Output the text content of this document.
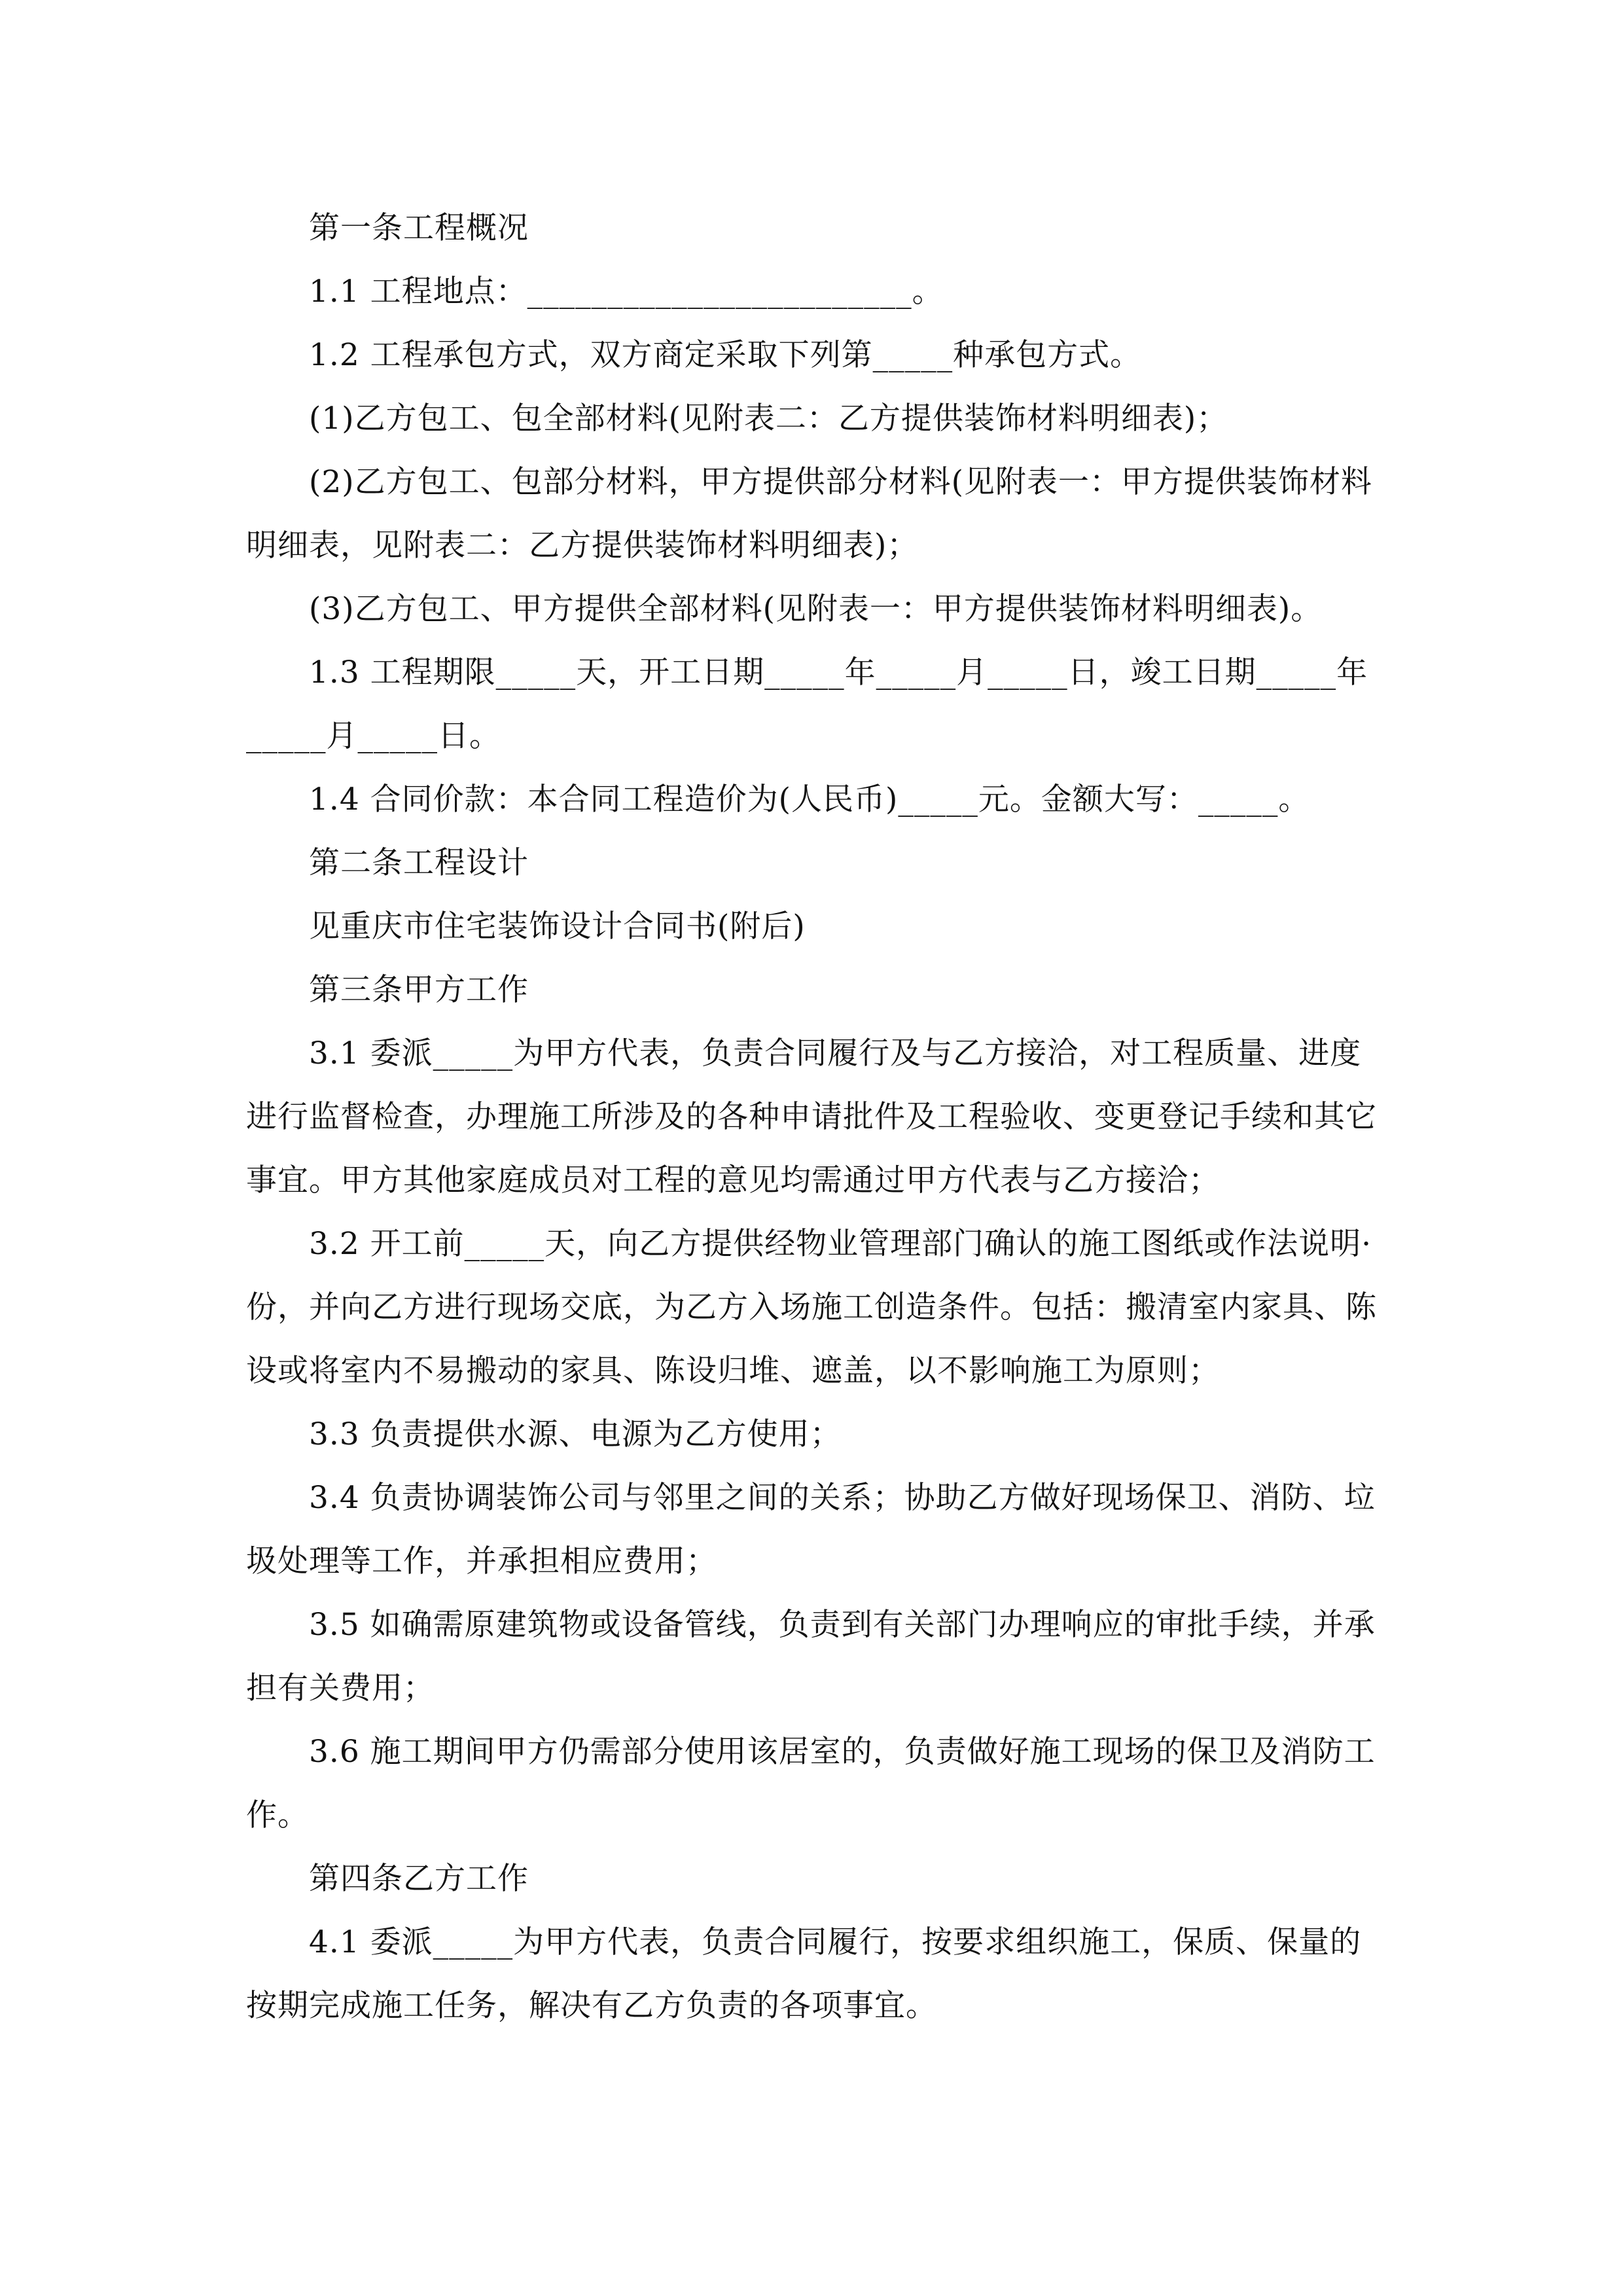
第一条工程概况

1.1 工程地点：________________________。

1.2 工程承包方式，双方商定采取下列第_____种承包方式。

(1)乙方包工、包全部材料(见附表二：乙方提供装饰材料明细表)；

(2)乙方包工、包部分材料，甲方提供部分材料(见附表一：甲方提供装饰材料明细表，见附表二：乙方提供装饰材料明细表)；

(3)乙方包工、甲方提供全部材料(见附表一：甲方提供装饰材料明细表)。

1.3 工程期限_____天，开工日期_____年_____月_____日，竣工日期_____年_____月_____日。

1.4 合同价款：本合同工程造价为(人民币)_____元。金额大写：_____。

第二条工程设计

见重庆市住宅装饰设计合同书(附后)

第三条甲方工作

3.1 委派_____为甲方代表，负责合同履行及与乙方接洽，对工程质量、进度进行监督检查，办理施工所涉及的各种申请批件及工程验收、变更登记手续和其它事宜。甲方其他家庭成员对工程的意见均需通过甲方代表与乙方接洽；

3.2 开工前_____天，向乙方提供经物业管理部门确认的施工图纸或作法说明·份，并向乙方进行现场交底，为乙方入场施工创造条件。包括：搬清室内家具、陈设或将室内不易搬动的家具、陈设归堆、遮盖，以不影响施工为原则；

3.3 负责提供水源、电源为乙方使用；

3.4 负责协调装饰公司与邻里之间的关系；协助乙方做好现场保卫、消防、垃圾处理等工作，并承担相应费用；

3.5 如确需原建筑物或设备管线，负责到有关部门办理响应的审批手续，并承担有关费用；

3.6 施工期间甲方仍需部分使用该居室的，负责做好施工现场的保卫及消防工作。

第四条乙方工作

4.1 委派_____为甲方代表，负责合同履行，按要求组织施工，保质、保量的按期完成施工任务，解决有乙方负责的各项事宜。
